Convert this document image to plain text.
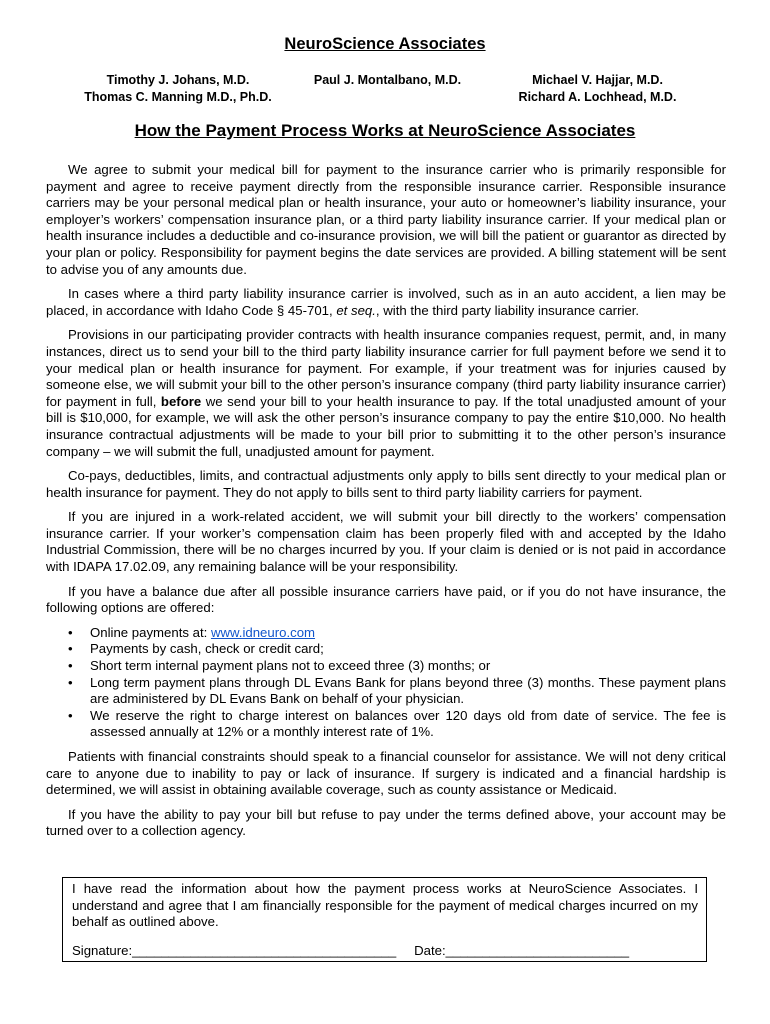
NeuroScience Associates
Timothy J. Johans, M.D.
Thomas C. Manning M.D., Ph.D.
Paul J. Montalbano, M.D.	Michael V. Hajjar, M.D.
Richard A. Lochhead, M.D.
How the Payment Process Works at NeuroScience Associates

We agree to submit your medical bill for payment to the insurance carrier who is primarily responsible for payment and agree to receive payment directly from the responsible insurance carrier. Responsible insurance carriers may be your personal medical plan or health insurance, your auto or homeowner’s liability insurance, your employer’s workers’ compensation insurance plan, or a third party liability insurance carrier. If your medical plan or health insurance includes a deductible and co-insurance provision, we will bill the patient or guarantor as directed by your plan or policy. Responsibility for payment begins the date services are provided. A billing statement will be sent to advise you of any amounts due.

In cases where a third party liability insurance carrier is involved, such as in an auto accident, a lien may be placed, in accordance with Idaho Code § 45-701, et seq., with the third party liability insurance carrier.

Provisions in our participating provider contracts with health insurance companies request, permit, and, in many instances, direct us to send your bill to the third party liability insurance carrier for full payment before we send it to your medical plan or health insurance for payment. For example, if your treatment was for injuries caused by someone else, we will submit your bill to the other person’s insurance company (third party liability insurance carrier) for payment in full, before we send your bill to your health insurance to pay. If the total unadjusted amount of your bill is $10,000, for example, we will ask the other person’s insurance company to pay the entire $10,000. No health insurance contractual adjustments will be made to your bill prior to submitting it to the other person’s insurance company – we will submit the full, unadjusted amount for payment.

Co-pays, deductibles, limits, and contractual adjustments only apply to bills sent directly to your medical plan or health insurance for payment. They do not apply to bills sent to third party liability carriers for payment.

If you are injured in a work-related accident, we will submit your bill directly to the workers’ compensation insurance carrier. If your worker’s compensation claim has been properly filed with and accepted by the Idaho Industrial Commission, there will be no charges incurred by you. If your claim is denied or is not paid in accordance with IDAPA 17.02.09, any remaining balance will be your responsibility.

If you have a balance due after all possible insurance carriers have paid, or if you do not have insurance, the following options are offered:

• Online payments at: www.idneuro.com
• Payments by cash, check or credit card;
• Short term internal payment plans not to exceed three (3) months; or
• Long term payment plans through DL Evans Bank for plans beyond three (3) months. These payment plans are administered by DL Evans Bank on behalf of your physician.
• We reserve the right to charge interest on balances over 120 days old from date of service. The fee is assessed annually at 12% or a monthly interest rate of 1%.

Patients with financial constraints should speak to a financial counselor for assistance. We will not deny critical care to anyone due to inability to pay or lack of insurance. If surgery is indicated and a financial hardship is determined, we will assist in obtaining available coverage, such as county assistance or Medicaid.

If you have the ability to pay your bill but refuse to pay under the terms defined above, your account may be turned over to a collection agency.

I have read the information about how the payment process works at NeuroScience Associates. I understand and agree that I am financially responsible for the payment of medical charges incurred on my behalf as outlined above.

Signature:____________________________________ Date:_________________________
